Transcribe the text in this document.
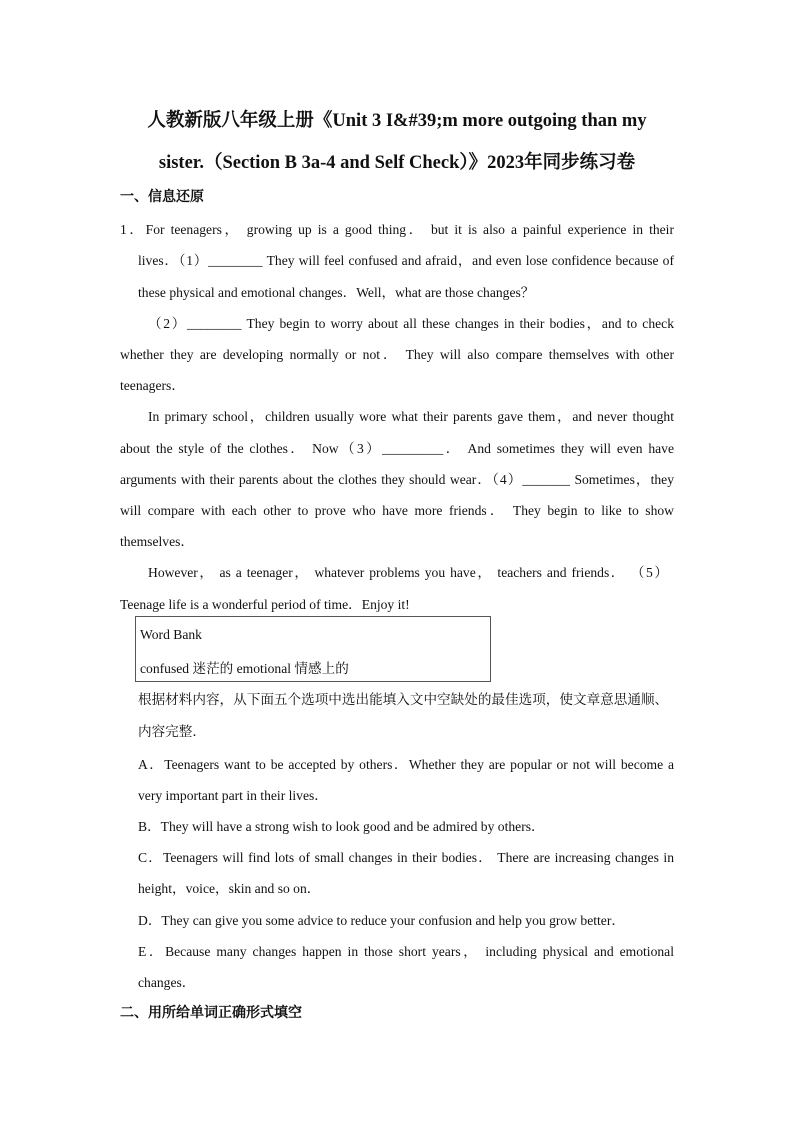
人教新版八年级上册《Unit 3 I&#39;m more outgoing than my
sister.（Section B 3a-4 and Self Check）》2023年同步练习卷
一、信息还原
1．For teenagers， growing up is a good thing． but it is also a painful experience in their
lives．（1）________ They will feel confused and afraid，and even lose confidence because of
these physical and emotional changes．Well，what are those changes？
（2）________ They begin to worry about all these changes in their bodies，and to check
whether they are developing normally or not． They will also compare themselves with other
teenagers．
In primary school，children usually wore what their parents gave them，and never thought
about the style of the clothes． Now（3）_________． And sometimes they will even have
arguments with their parents about the clothes they should wear．（4）_______ Sometimes，they
will compare with each other to prove who have more friends． They begin to like to show
themselves．
However， as a teenager， whatever problems you have， teachers and friends． （5）
Teenage life is a wonderful period of time．Enjoy it!
Word Bank
confused 迷茫的 emotional 情感上的
根据材料内容，从下面五个选项中选出能填入文中空缺处的最佳选项，使文章意思通顺、
内容完整．
A．Teenagers want to be accepted by others．Whether they are popular or not will become a
very important part in their lives．
B．They will have a strong wish to look good and be admired by others．
C．Teenagers will find lots of small changes in their bodies． There are increasing changes in
height，voice，skin and so on．
D．They can give you some advice to reduce your confusion and help you grow better．
E．Because many changes happen in those short years， including physical and emotional
changes．
二、用所给单词正确形式填空
